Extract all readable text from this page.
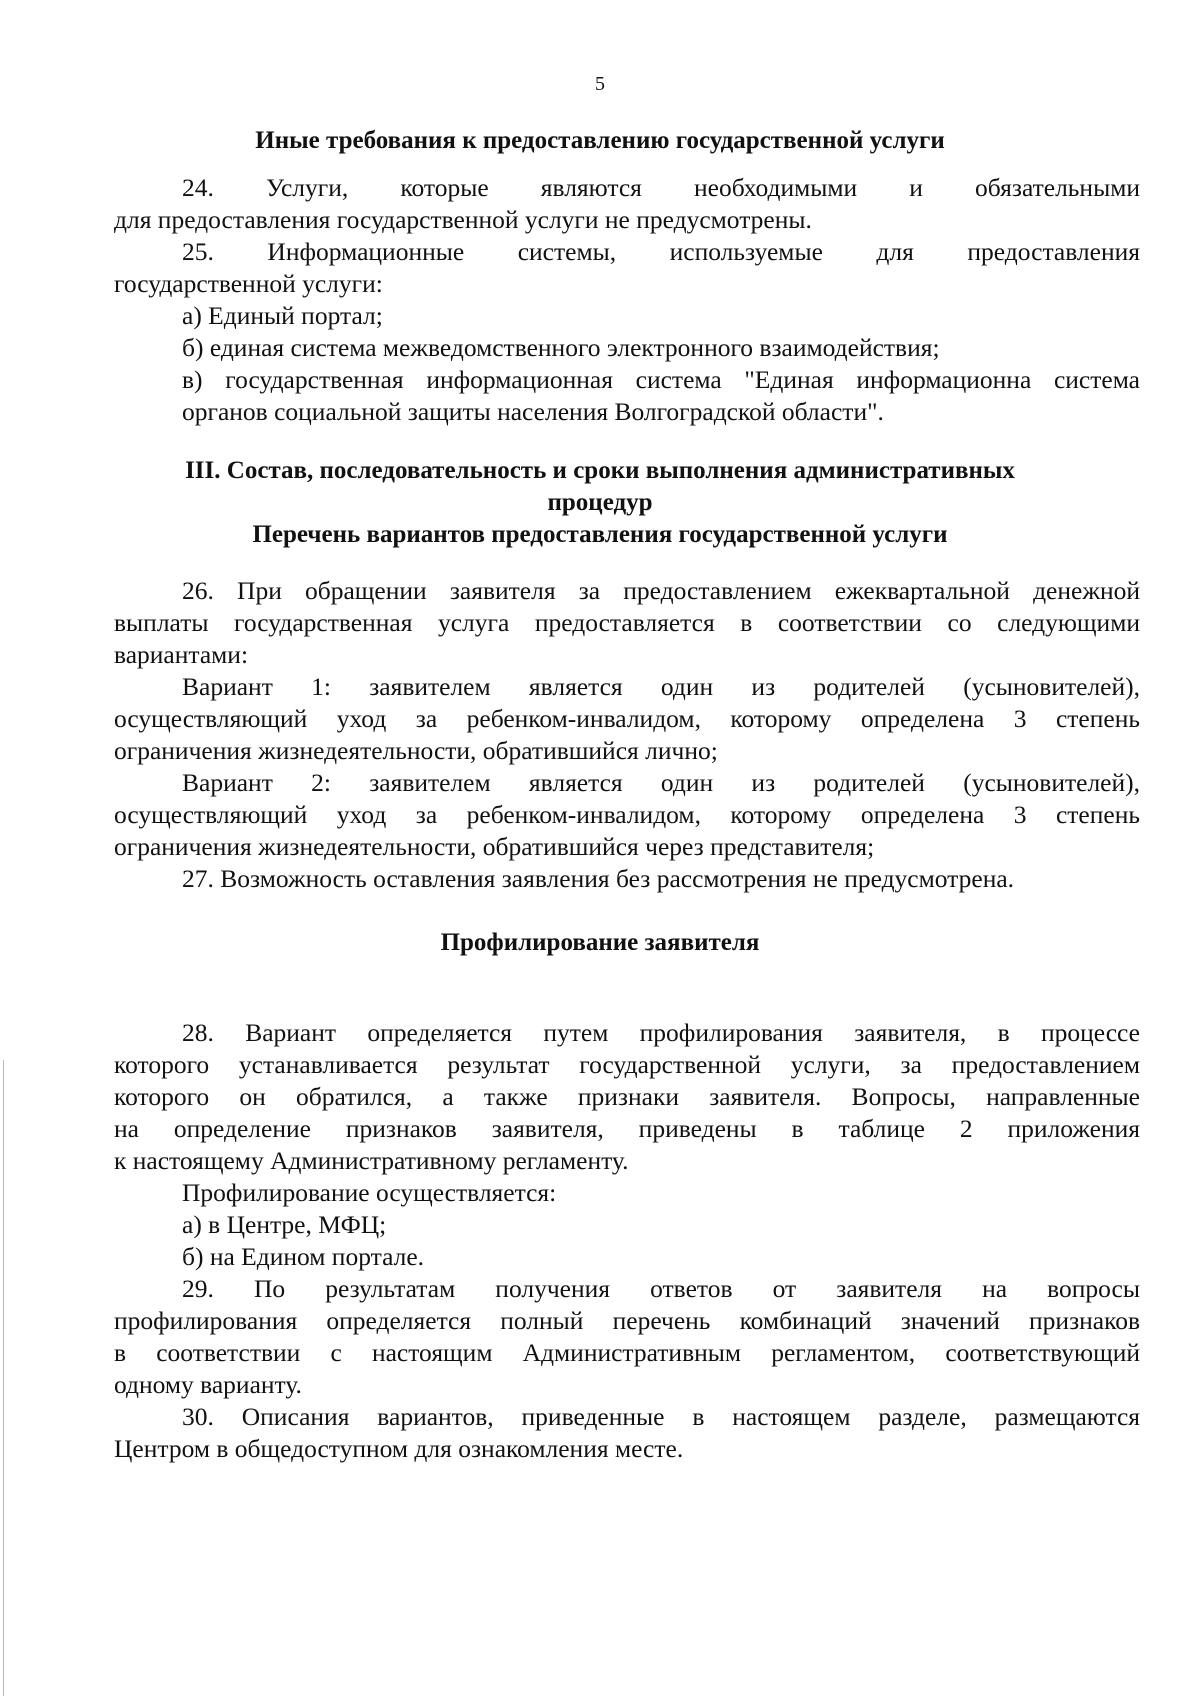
5
Иные требования к предоставлению государственной услуги
24. Услуги, которые являются необходимыми и обязательными
для предоставления государственной услуги не предусмотрены.
25. Информационные системы, используемые для предоставления
государственной услуги:
а) Единый портал;
б) единая система межведомственного электронного взаимодействия;
в) государственная информационная система "Единая информационна система
органов социальной защиты населения Волгоградской области".
III. Состав, последовательность и сроки выполнения административных
процедур
Перечень вариантов предоставления государственной услуги
26. При обращении заявителя за предоставлением ежеквартальной денежной
выплаты государственная услуга предоставляется в соответствии со следующими
вариантами:
Вариант 1: заявителем является один из родителей (усыновителей),
осуществляющий уход за ребенком-инвалидом, которому определена 3 степень
ограничения жизнедеятельности, обратившийся лично;
Вариант 2: заявителем является один из родителей (усыновителей),
осуществляющий уход за ребенком-инвалидом, которому определена 3 степень
ограничения жизнедеятельности, обратившийся через представителя;
27. Возможность оставления заявления без рассмотрения не предусмотрена.
Профилирование заявителя
28. Вариант определяется путем профилирования заявителя, в процессе
которого устанавливается результат государственной услуги, за предоставлением
которого он обратился, а также признаки заявителя. Вопросы, направленные
на определение признаков заявителя, приведены в таблице 2 приложения
к настоящему Административному регламенту.
Профилирование осуществляется:
а) в Центре, МФЦ;
б) на Едином портале.
29. По результатам получения ответов от заявителя на вопросы
профилирования определяется полный перечень комбинаций значений признаков
в соответствии с настоящим Административным регламентом, соответствующий
одному варианту.
30. Описания вариантов, приведенные в настоящем разделе, размещаются
Центром в общедоступном для ознакомления месте.
